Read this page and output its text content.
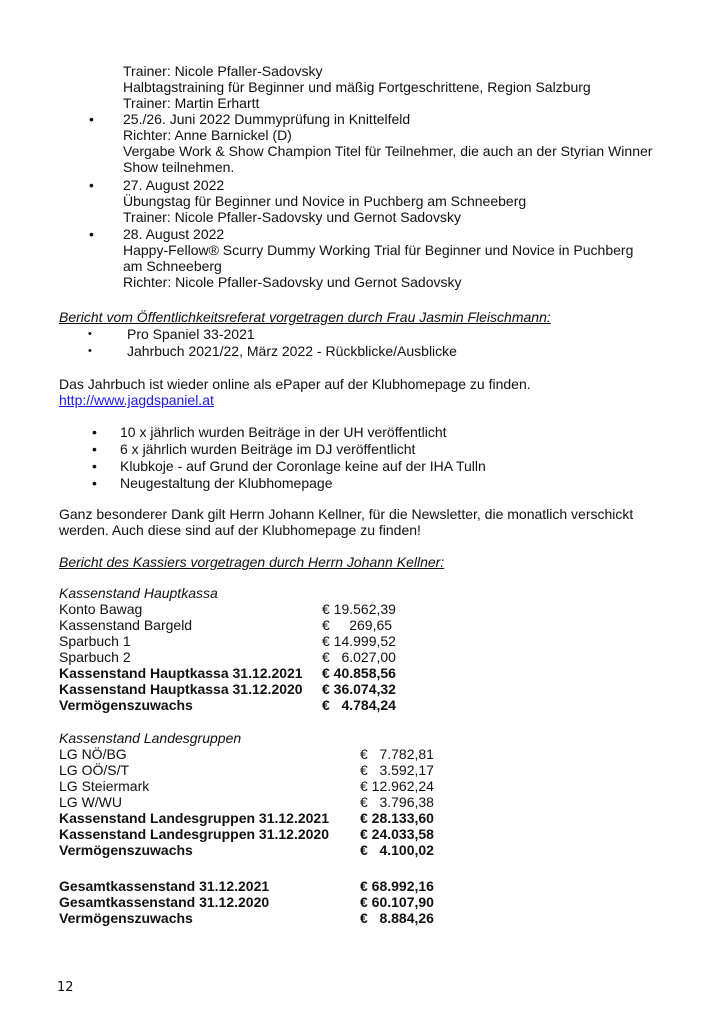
Trainer: Nicole Pfaller-Sadovsky
Halbtagstraining für Beginner und mäßig Fortgeschrittene, Region Salzburg
Trainer: Martin Erhartt
• 25./26. Juni 2022 Dummyprüfung in Knittelfeld
Richter: Anne Barnickel (D)
Vergabe Work & Show Champion Titel für Teilnehmer, die auch an der Styrian Winner
Show teilnehmen.
• 27. August 2022
Übungstag für Beginner und Novice in Puchberg am Schneeberg
Trainer: Nicole Pfaller-Sadovsky und Gernot Sadovsky
• 28. August 2022
Happy-Fellow® Scurry Dummy Working Trial für Beginner und Novice in Puchberg
am Schneeberg
Richter: Nicole Pfaller-Sadovsky und Gernot Sadovsky
Bericht vom Öffentlichkeitsreferat vorgetragen durch Frau Jasmin Fleischmann:
•	Pro Spaniel 33-2021
•	Jahrbuch 2021/22, März 2022 - Rückblicke/Ausblicke
Das Jahrbuch ist wieder online als ePaper auf der Klubhomepage zu finden.
http://www.jagdspaniel.at
• 10 x jährlich wurden Beiträge in der UH veröffentlicht
• 6 x jährlich wurden Beiträge im DJ veröffentlicht
• Klubkoje - auf Grund der Coronlage keine auf der IHA Tulln
• Neugestaltung der Klubhomepage
Ganz besonderer Dank gilt Herrn Johann Kellner, für die Newsletter, die monatlich verschickt
werden. Auch diese sind auf der Klubhomepage zu finden!
Bericht des Kassiers vorgetragen durch Herrn Johann Kellner:
Kassenstand Hauptkassa
Konto Bawag	€ 19.562,39
Kassenstand Bargeld	€     269,65
Sparbuch 1	€ 14.999,52
Sparbuch 2	€   6.027,00
Kassenstand Hauptkassa 31.12.2021 € 40.858,56
Kassenstand Hauptkassa 31.12.2020 € 36.074,32
Vermögenszuwachs	€   4.784,24
Kassenstand Landesgruppen
LG NÖ/BG	€   7.782,81
LG OÖ/S/T	€   3.592,17
LG Steiermark	€ 12.962,24
LG W/WU	€   3.796,38
Kassenstand Landesgruppen 31.12.2021 € 28.133,60
Kassenstand Landesgruppen 31.12.2020 € 24.033,58
Vermögenszuwachs	€   4.100,02
Gesamtkassenstand 31.12.2021	€ 68.992,16
Gesamtkassenstand 31.12.2020	€ 60.107,90
Vermögenszuwachs	€   8.884,26
12
